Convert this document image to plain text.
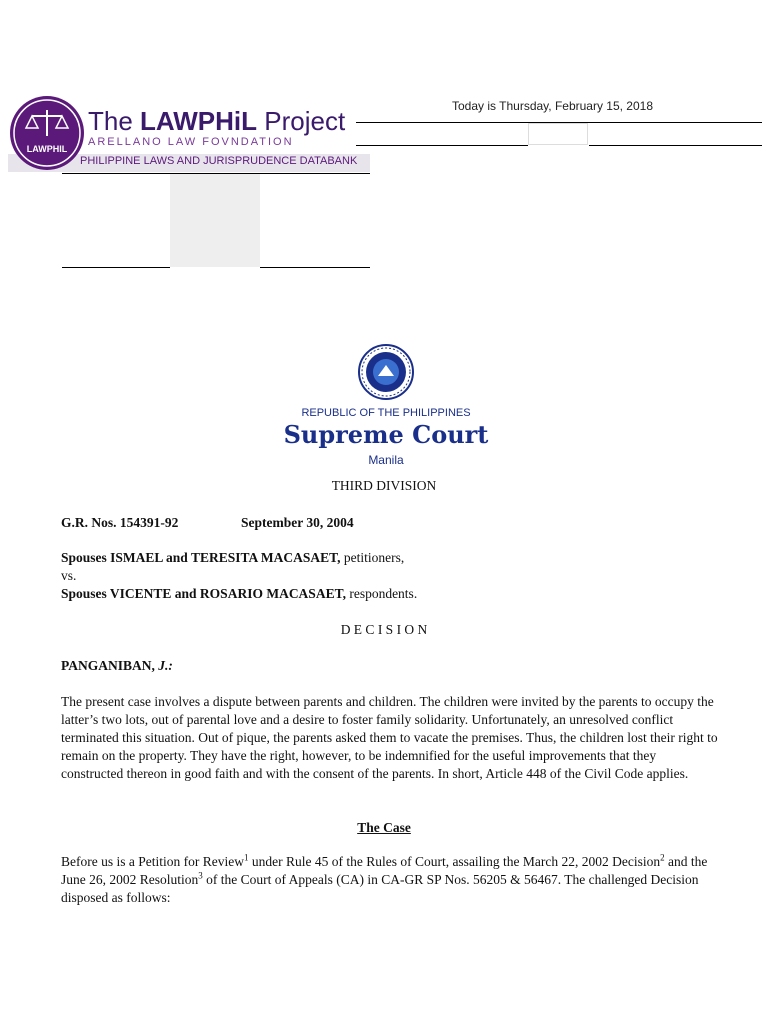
LAWPHIL
The LAWPHiL Project
ARELLANO LAW FOVNDATION
PHILIPPINE LAWS AND JURISPRUDENCE DATABANK
Today is Thursday, February 15, 2018
REPUBLIC OF THE PHILIPPINES
Supreme Court
Manila
THIRD DIVISION
G.R. Nos. 154391-92	September 30, 2004
Spouses ISMAEL and TERESITA MACASAET, petitioners,
vs.
Spouses VICENTE and ROSARIO MACASAET, respondents.
D E C I S I O N
PANGANIBAN, J.:
The present case involves a dispute between parents and children. The children were invited by the parents to occupy the latter’s two lots, out of parental love and a desire to foster family solidarity. Unfortunately, an unresolved conflict terminated this situation. Out of pique, the parents asked them to vacate the premises. Thus, the children lost their right to remain on the property. They have the right, however, to be indemnified for the useful improvements that they constructed thereon in good faith and with the consent of the parents. In short, Article 448 of the Civil Code applies.
The Case
Before us is a Petition for Review$^1$ under Rule 45 of the Rules of Court, assailing the March 22, 2002 Decision$^2$ and the June 26, 2002 Resolution$^3$ of the Court of Appeals (CA) in CA-GR SP Nos. 56205 & 56467. The challenged Decision disposed as follows:
